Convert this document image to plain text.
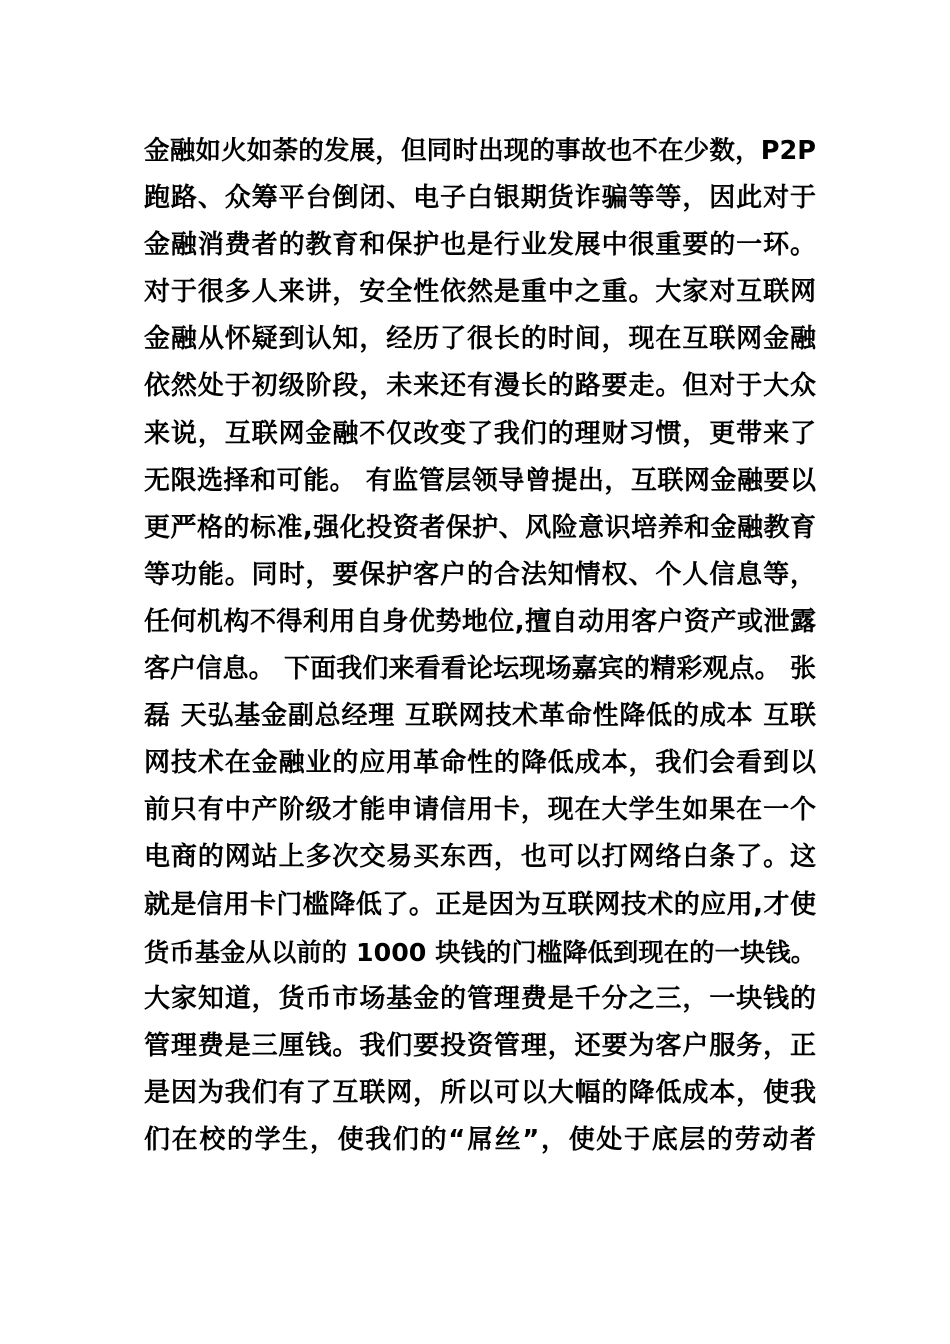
金融如火如荼的发展，但同时出现的事故也不在少数，P2P
跑路、众筹平台倒闭、电子白银期货诈骗等等，因此对于
金融消费者的教育和保护也是行业发展中很重要的一环。
对于很多人来讲，安全性依然是重中之重。大家对互联网
金融从怀疑到认知，经历了很长的时间，现在互联网金融
依然处于初级阶段，未来还有漫长的路要走。但对于大众
来说，互联网金融不仅改变了我们的理财习惯，更带来了
无限选择和可能。 有监管层领导曾提出，互联网金融要以
更严格的标准,强化投资者保护、风险意识培养和金融教育
等功能。同时，要保护客户的合法知情权、个人信息等，
任何机构不得利用自身优势地位,擅自动用客户资产或泄露
客户信息。 下面我们来看看论坛现场嘉宾的精彩观点。 张
磊 天弘基金副总经理 互联网技术革命性降低的成本 互联
网技术在金融业的应用革命性的降低成本，我们会看到以
前只有中产阶级才能申请信用卡，现在大学生如果在一个
电商的网站上多次交易买东西，也可以打网络白条了。这
就是信用卡门槛降低了。正是因为互联网技术的应用,才使
货币基金从以前的 1000 块钱的门槛降低到现在的一块钱。
大家知道，货币市场基金的管理费是千分之三，一块钱的
管理费是三厘钱。我们要投资管理，还要为客户服务，正
是因为我们有了互联网，所以可以大幅的降低成本，使我
们在校的学生，使我们的“屌丝”，使处于底层的劳动者
